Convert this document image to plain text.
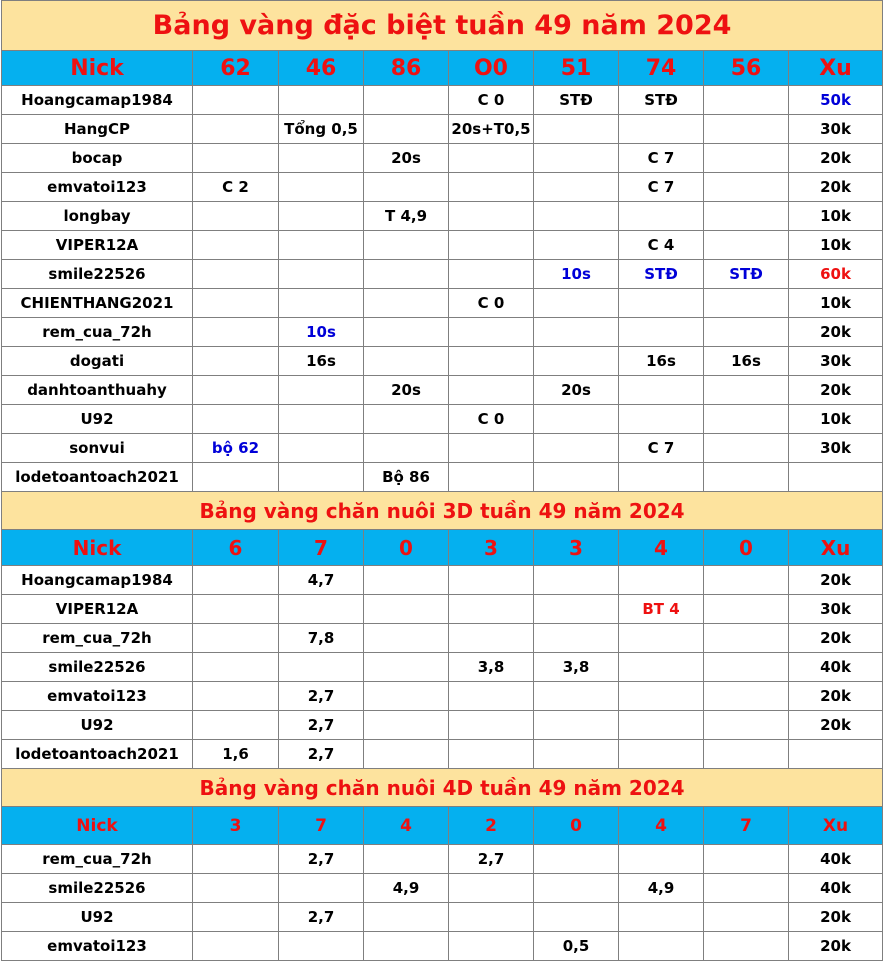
Bảng vàng đặc biệt tuần 49 năm 2024								
Nick	62	46	86	O0	51	74	56	Xu
Hoangcamap1984				C 0	STĐ	STĐ		50k
HangCP		Tổng 0,5		20s+T0,5				30k
bocap			20s			C 7		20k
emvatoi123	C 2					C 7		20k
longbay			T 4,9					10k
VIPER12A						C 4		10k
smile22526					10s	STĐ	STĐ	60k
CHIENTHANG2021				C 0				10k
rem_cua_72h		10s						20k
dogati		16s				16s	16s	30k
danhtoanthuahy			20s		20s			20k
U92				C 0				10k
sonvui	bộ 62					C 7		30k
lodetoantoach2021			Bộ 86					
Bảng vàng chăn nuôi 3D tuần 49 năm 2024								
Nick	6	7	0	3	3	4	0	Xu
Hoangcamap1984		4,7						20k
VIPER12A						BT 4		30k
rem_cua_72h		7,8						20k
smile22526				3,8	3,8			40k
emvatoi123		2,7						20k
U92		2,7						20k
lodetoantoach2021	1,6	2,7						
Bảng vàng chăn nuôi 4D tuần 49 năm 2024								
Nick	3	7	4	2	0	4	7	Xu
rem_cua_72h		2,7		2,7				40k
smile22526			4,9			4,9		40k
U92		2,7						20k
emvatoi123					0,5			20k
